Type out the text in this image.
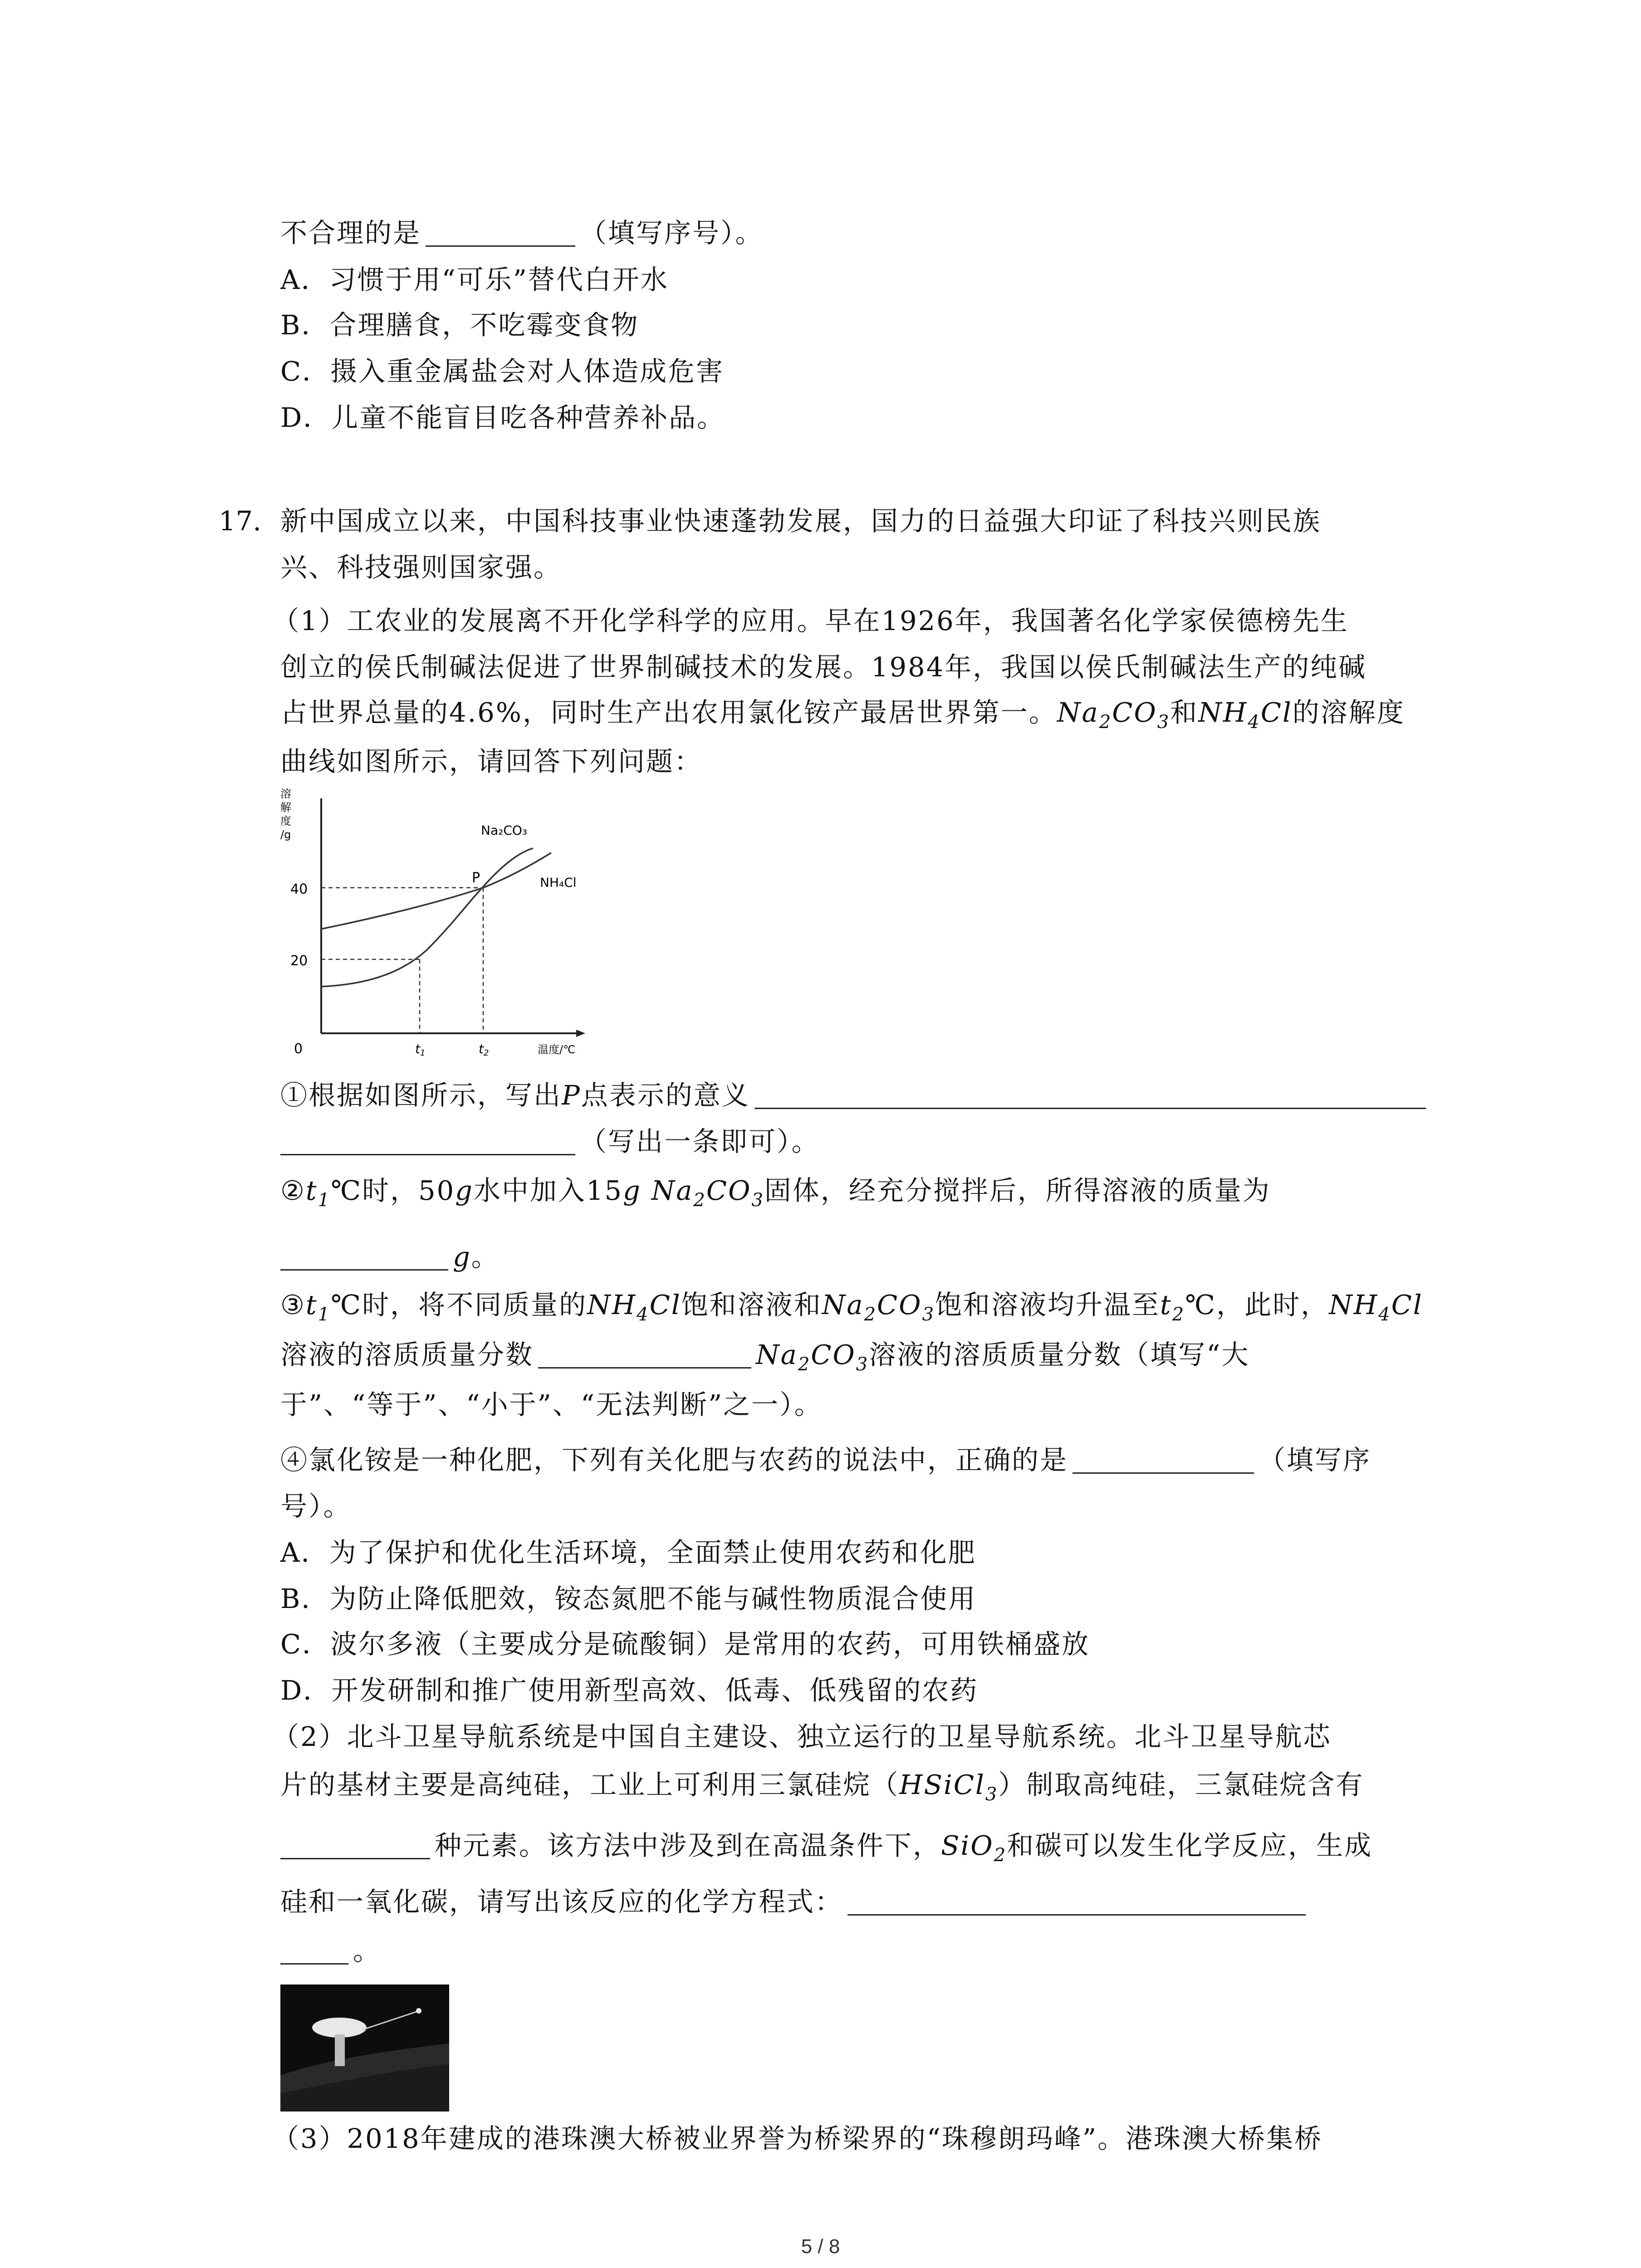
不合理的是	（填写序号）。
A．习惯于用“可乐”替代白开水
B．合理膳食，不吃霉变食物
C．摄入重金属盐会对人体造成危害
D．儿童不能盲目吃各种营养补品。
17. 新中国成立以来，中国科技事业快速蓬勃发展，国力的日益强大印证了科技兴则民族
兴、科技强则国家强。
（1）工农业的发展离不开化学科学的应用。早在1926年，我国著名化学家侯德榜先生
创立的侯氏制碱法促进了世界制碱技术的发展。1984年，我国以侯氏制碱法生产的纯碱
占世界总量的4.6%，同时生产出农用氯化铵产最居世界第一。$Na_2CO_3$和$NH_4Cl$的溶解度
曲线如图所示，请回答下列问题：
溶
解
度
/g
40
20
0	t1	t2	温度/℃
P
Na₂CO₃
NH₄Cl
①根据如图所示，写出P点表示的意义
（写出一条即可）。
$②t_1℃$时，50g水中加入15g $Na_2CO_3$固体，经充分搅拌后，所得溶液的质量为
g。
$③t_1℃$时，将不同质量的$NH_4Cl$饱和溶液和$Na_2CO_3$饱和溶液均升温至$t_2℃$，此时，$NH_4Cl$
溶液的溶质质量分数	$Na_2CO_3$溶液的溶质质量分数（填写“大
于”、“等于”、“小于”、“无法判断”之一）。
④氯化铵是一种化肥，下列有关化肥与农药的说法中，正确的是	（填写序
号）。
A．为了保护和优化生活环境，全面禁止使用农药和化肥
B．为防止降低肥效，铵态氮肥不能与碱性物质混合使用
C．波尔多液（主要成分是硫酸铜）是常用的农药，可用铁桶盛放
D．开发研制和推广使用新型高效、低毒、低残留的农药
（2）北斗卫星导航系统是中国自主建设、独立运行的卫星导航系统。北斗卫星导航芯
片的基材主要是高纯硅，工业上可利用三氯硅烷（HSiCl$_3$）制取高纯硅，三氯硅烷含有
种元素。该方法中涉及到在高温条件下，SiO$_2$和碳可以发生化学反应，生成
硅和一氧化碳，请写出该反应的化学方程式：
。
（3）2018年建成的港珠澳大桥被业界誉为桥梁界的“珠穆朗玛峰”。港珠澳大桥集桥
5 / 8
